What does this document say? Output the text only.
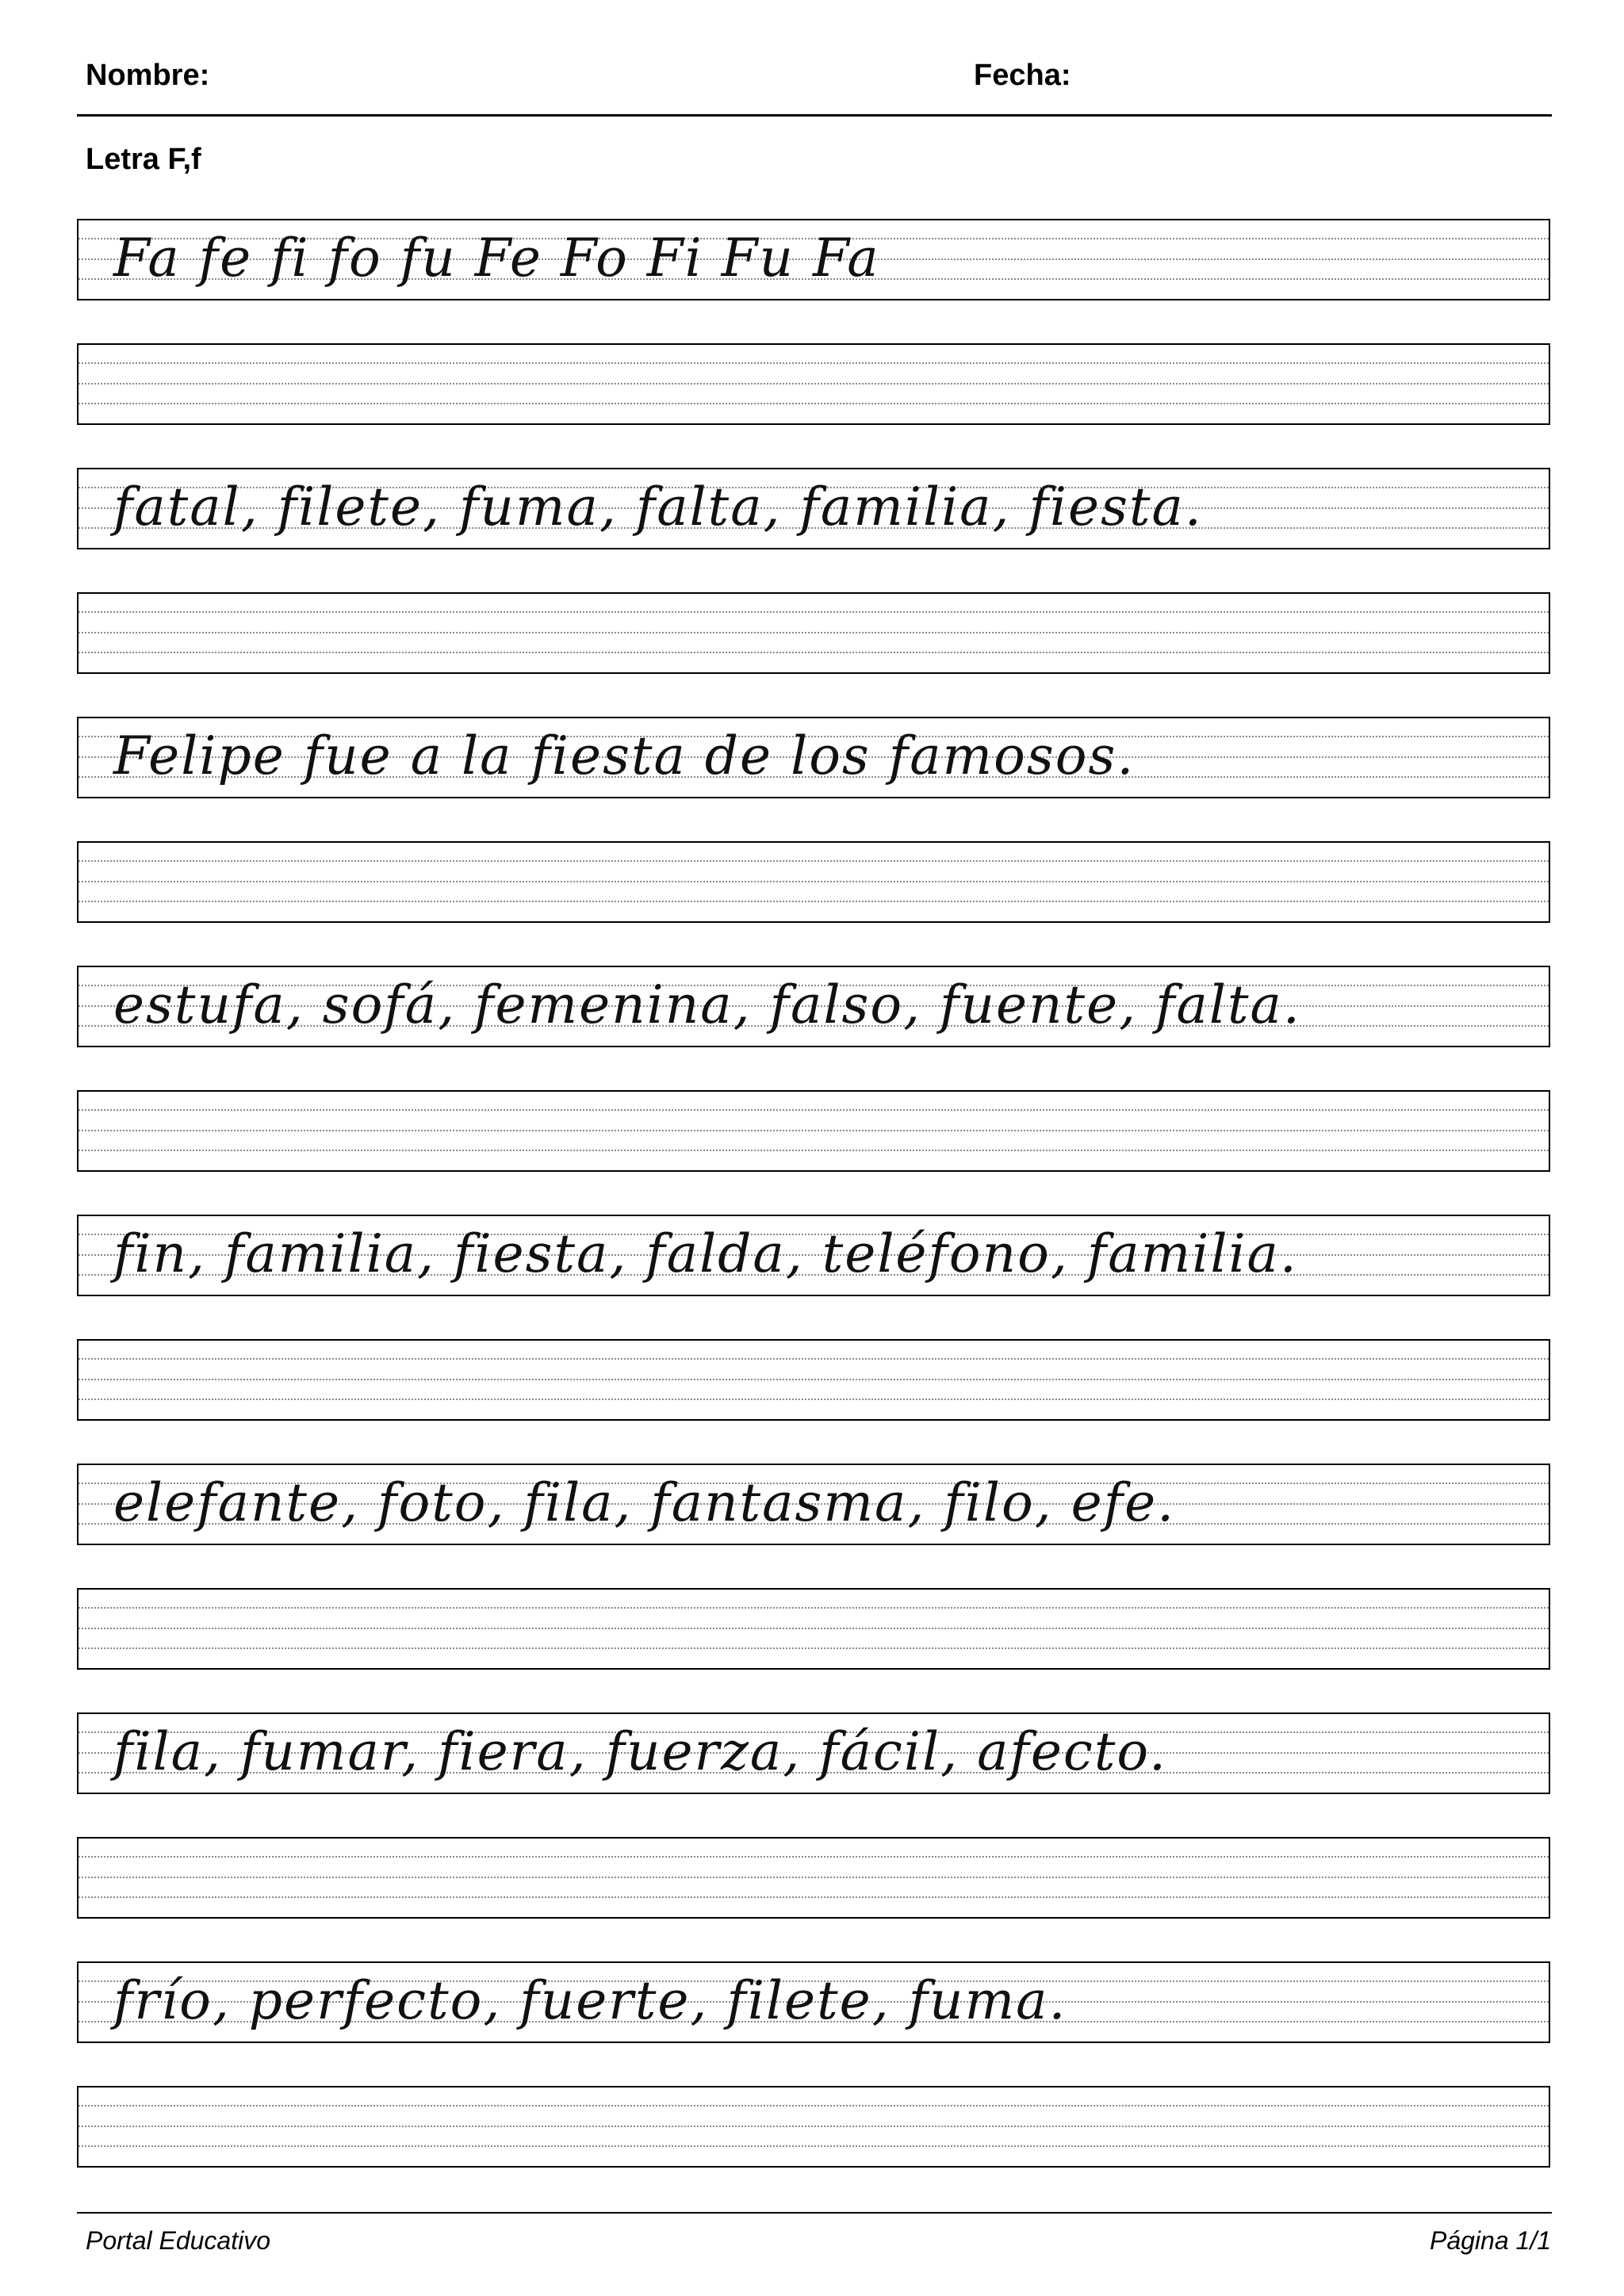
Nombre:	Fecha:
Letra F,f
Fa fe fi fo fu Fe Fo Fi Fu Fa
fatal, filete, fuma, falta, familia, fiesta.
Felipe fue a la fiesta de los famosos.
estufa, sofá, femenina, falso, fuente, falta.
fin, familia, fiesta, falda, teléfono, familia.
elefante, foto, fila, fantasma, filo, efe.
fila, fumar, fiera, fuerza, fácil, afecto.
frío, perfecto, fuerte, filete, fuma.
Portal Educativo	Página 1/1
